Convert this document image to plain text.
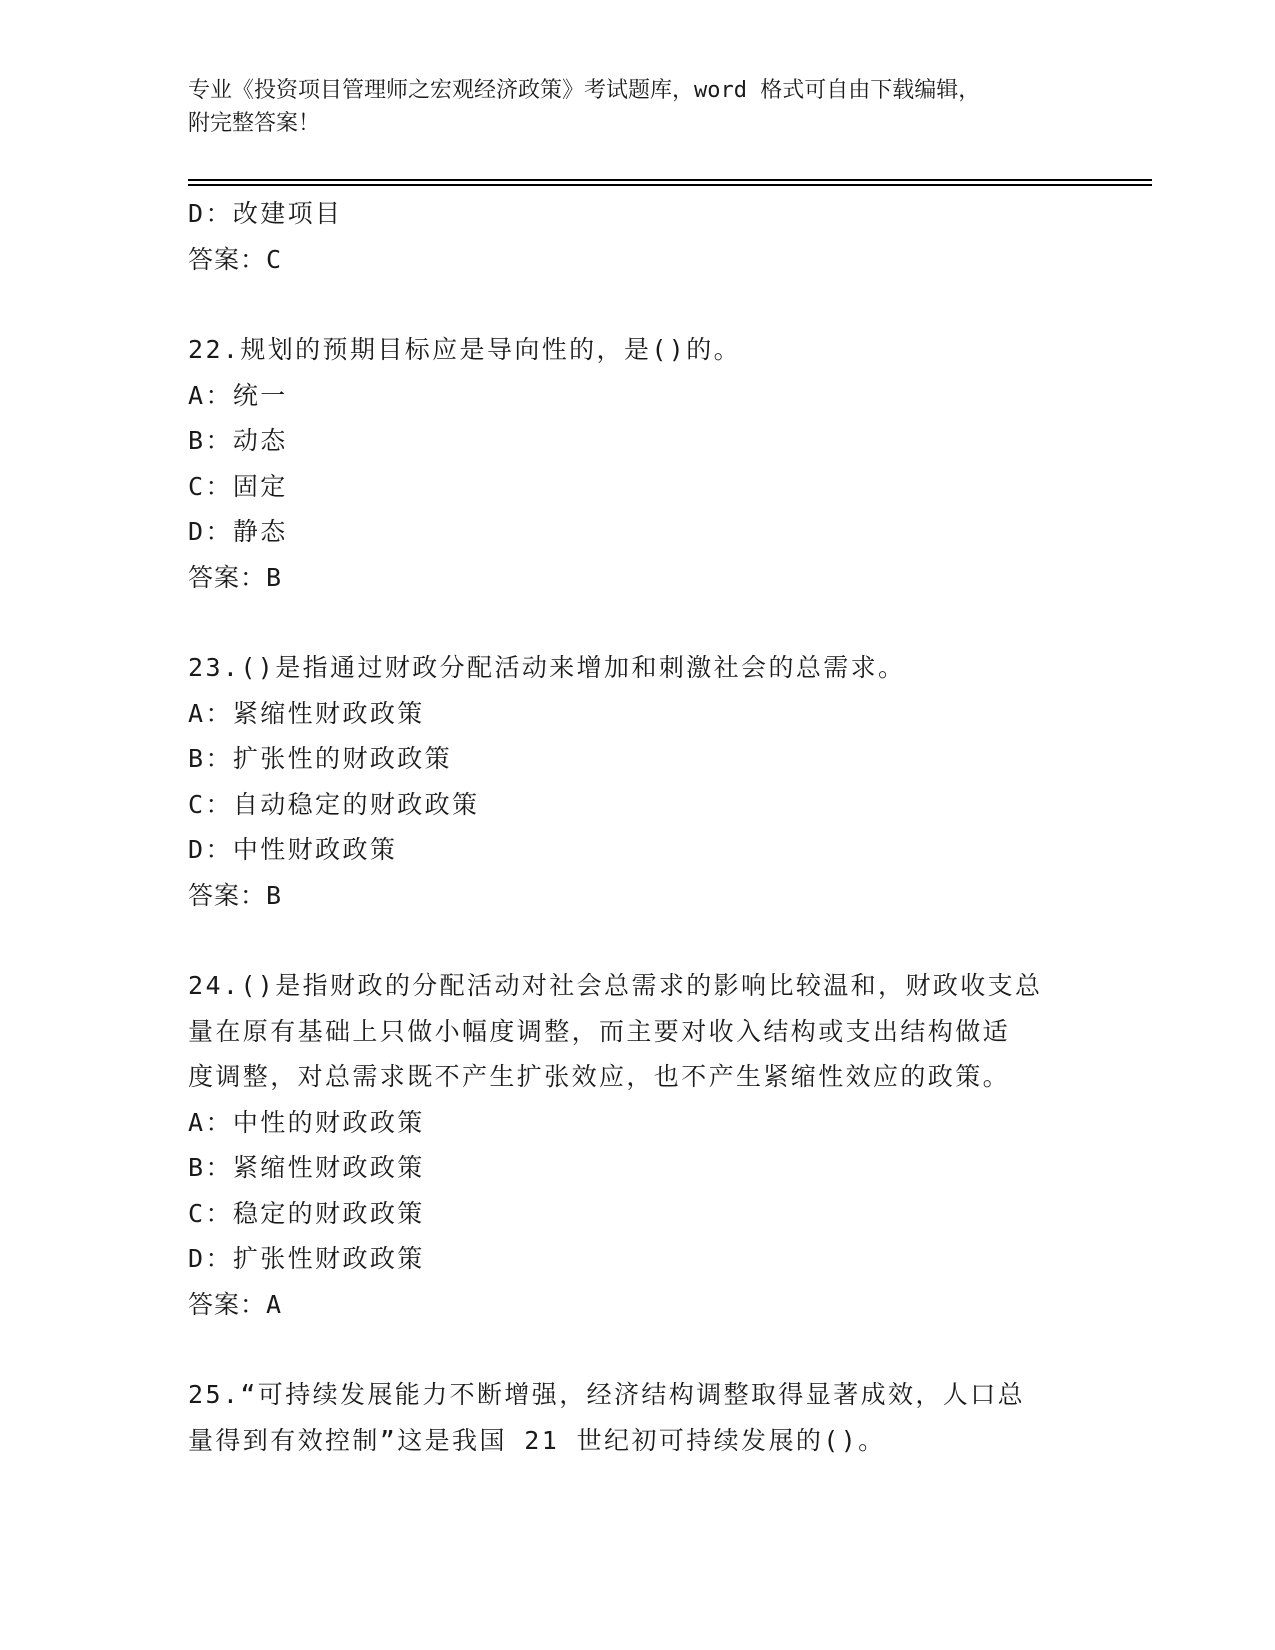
专业《投资项目管理师之宏观经济政策》考试题库，word 格式可自由下载编辑，
附完整答案！
D：改建项目
答案：C
22.规划的预期目标应是导向性的，是()的。
A：统一
B：动态
C：固定
D：静态
答案：B
23.()是指通过财政分配活动来增加和刺激社会的总需求。
A：紧缩性财政政策
B：扩张性的财政政策
C：自动稳定的财政政策
D：中性财政政策
答案：B
24.()是指财政的分配活动对社会总需求的影响比较温和，财政收支总
量在原有基础上只做小幅度调整，而主要对收入结构或支出结构做适
度调整，对总需求既不产生扩张效应，也不产生紧缩性效应的政策。
A：中性的财政政策
B：紧缩性财政政策
C：稳定的财政政策
D：扩张性财政政策
答案：A
25.“可持续发展能力不断增强，经济结构调整取得显著成效，人口总
量得到有效控制”这是我国 21 世纪初可持续发展的()。
